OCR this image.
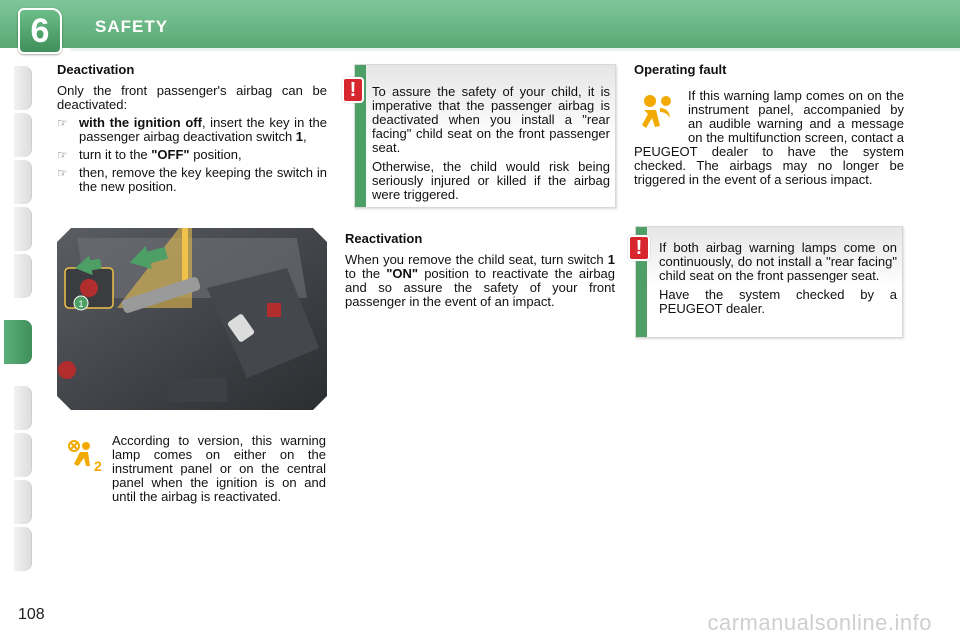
6	SAFETY
Deactivation
Only the front passenger's airbag can be deactivated:
☞ with the ignition off, insert the key in the passenger airbag deactivation switch 1,
☞ turn it to the "OFF" position,
☞ then, remove the key keeping the switch in the new position.
1
2
According to version, this warning lamp comes on either on the instrument panel or on the central panel when the ignition is on and until the airbag is reactivated.

To assure the safety of your child, it is imperative that the passenger airbag is deactivated when you install a "rear facing" child seat on the front passenger seat.

Otherwise, the child would risk being seriously injured or killed if the airbag were triggered.

!
Reactivation
When you remove the child seat, turn switch 1 to the "ON" position to reactivate the airbag and so assure the safety of your front passenger in the event of an impact.
Operating fault
If this warning lamp comes on on the instrument panel, accompanied by an audible warning and a message on the multifunction screen, contact a PEUGEOT dealer to have the system checked. The airbags may no longer be triggered in the event of a serious impact.

If both airbag warning lamps come on continuously, do not install a "rear facing" child seat on the front passenger seat.

Have the system checked by a PEUGEOT dealer.

!
108	carmanualsonline.info
